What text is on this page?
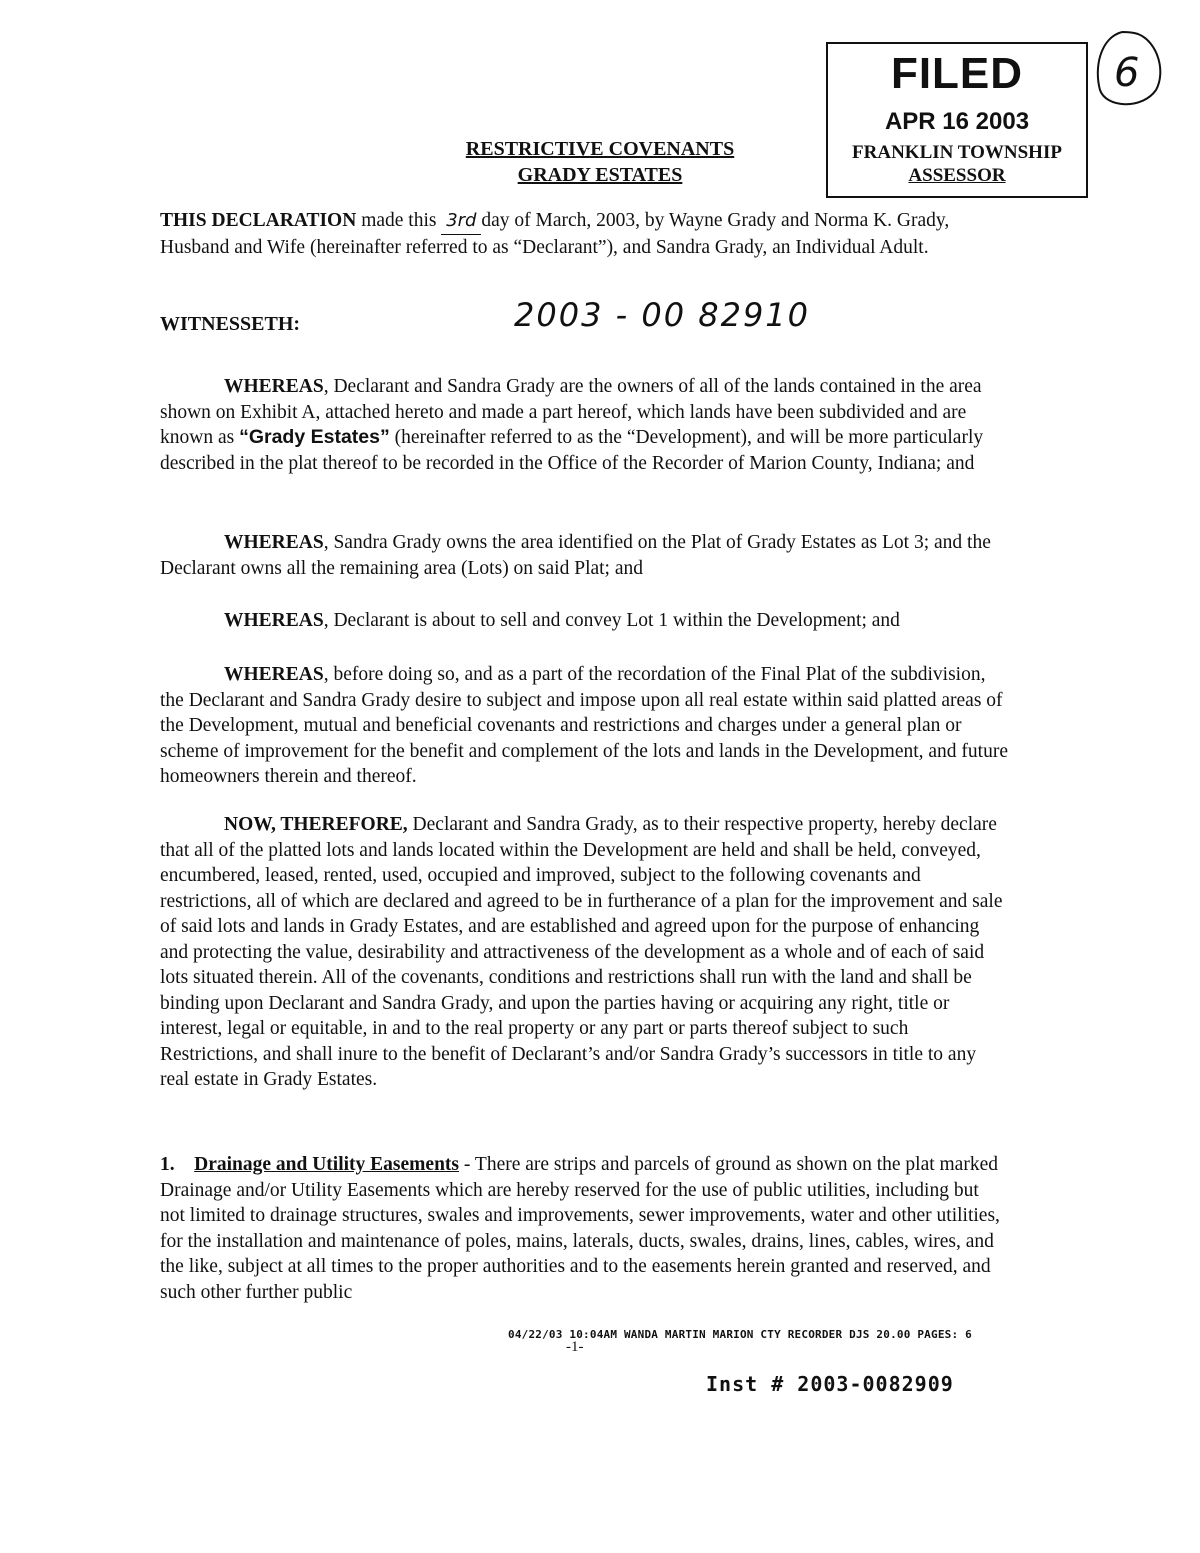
FILED
APR 16 2003
FRANKLIN TOWNSHIP
ASSESSOR
6
RESTRICTIVE COVENANTS
GRADY ESTATES
THIS DECLARATION made this 3rd day of March, 2003, by Wayne Grady and Norma K. Grady, Husband and Wife (hereinafter referred to as “Declarant”), and Sandra Grady, an Individual Adult.
WITNESSETH:	2003 - 00 82910
WHEREAS, Declarant and Sandra Grady are the owners of all of the lands contained in the area shown on Exhibit A, attached hereto and made a part hereof, which lands have been subdivided and are known as “Grady Estates” (hereinafter referred to as the “Development), and will be more particularly described in the plat thereof to be recorded in the Office of the Recorder of Marion County, Indiana; and
WHEREAS, Sandra Grady owns the area identified on the Plat of Grady Estates as Lot 3; and the Declarant owns all the remaining area (Lots) on said Plat; and
WHEREAS, Declarant is about to sell and convey Lot 1 within the Development; and
WHEREAS, before doing so, and as a part of the recordation of the Final Plat of the subdivision, the Declarant and Sandra Grady desire to subject and impose upon all real estate within said platted areas of the Development, mutual and beneficial covenants and restrictions and charges under a general plan or scheme of improvement for the benefit and complement of the lots and lands in the Development, and future homeowners therein and thereof.
NOW, THEREFORE, Declarant and Sandra Grady, as to their respective property, hereby declare that all of the platted lots and lands located within the Development are held and shall be held, conveyed, encumbered, leased, rented, used, occupied and improved, subject to the following covenants and restrictions, all of which are declared and agreed to be in furtherance of a plan for the improvement and sale of said lots and lands in Grady Estates, and are established and agreed upon for the purpose of enhancing and protecting the value, desirability and attractiveness of the development as a whole and of each of said lots situated therein. All of the covenants, conditions and restrictions shall run with the land and shall be binding upon Declarant and Sandra Grady, and upon the parties having or acquiring any right, title or interest, legal or equitable, in and to the real property or any part or parts thereof subject to such Restrictions, and shall inure to the benefit of Declarant’s and/or Sandra Grady’s successors in title to any real estate in Grady Estates.
1. Drainage and Utility Easements - There are strips and parcels of ground as shown on the plat marked Drainage and/or Utility Easements which are hereby reserved for the use of public utilities, including but not limited to drainage structures, swales and improvements, sewer improvements, water and other utilities, for the installation and maintenance of poles, mains, laterals, ducts, swales, drains, lines, cables, wires, and the like, subject at all times to the proper authorities and to the easements herein granted and reserved, and such other further public
04/22/03 10:04AM WANDA MARTIN MARION CTY RECORDER DJS 20.00 PAGES: 6
-1-
Inst # 2003-0082909
